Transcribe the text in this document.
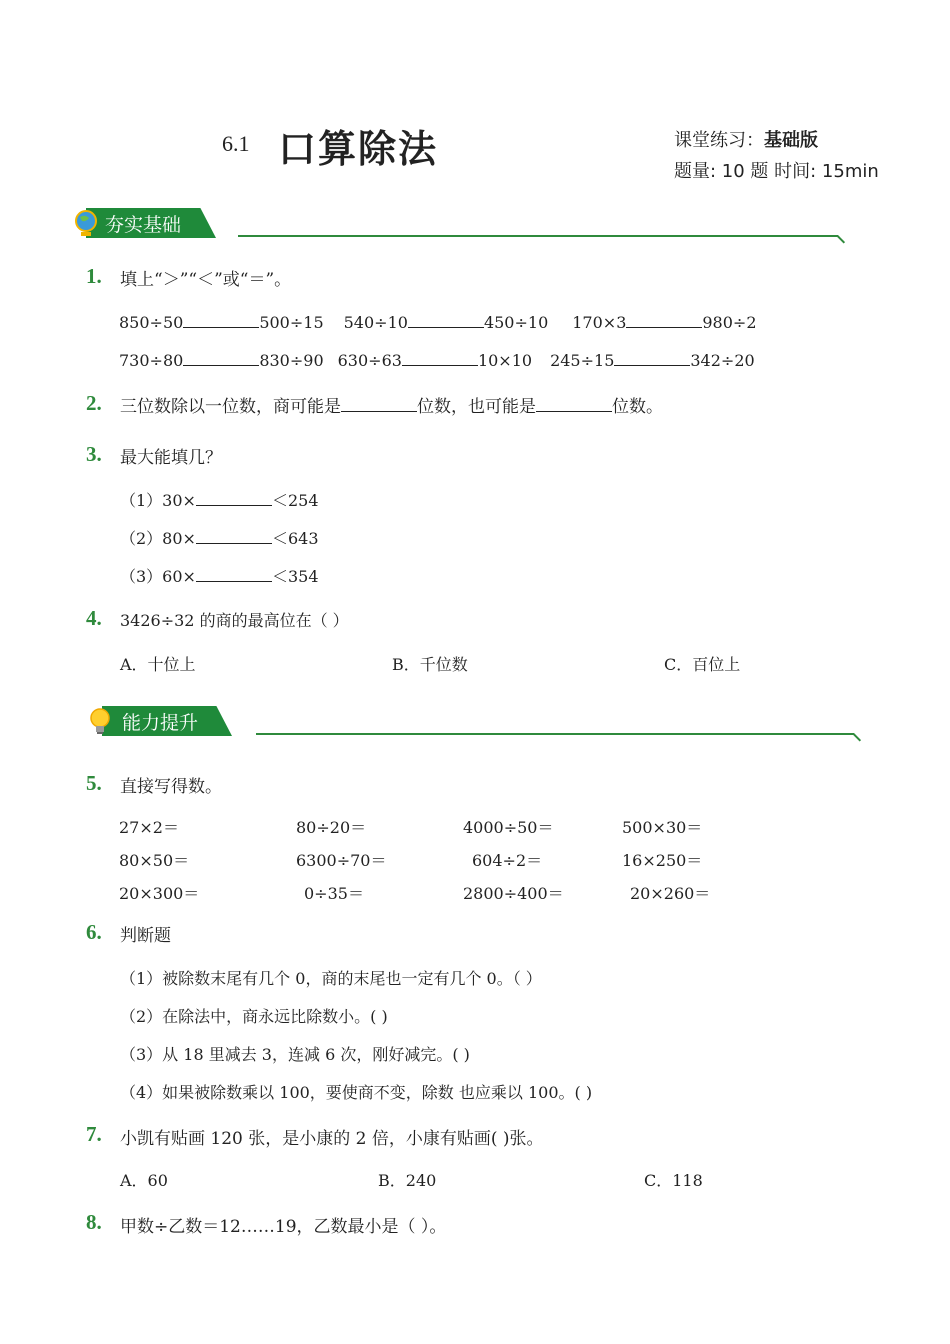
6.1 口算除法	课堂练习：基础版
题量: 10 题 时间: 15min
夯实基础
1. 填上“＞”“＜”或“＝”。
850÷50	500÷15 540÷10	450÷10 170×3	980÷2
730÷80	830÷90 630÷63	10×10 245÷15	342÷20
2. 三位数除以一位数，商可能是	位数，也可能是	位数。
3. 最大能填几？
（1）30×	＜254
（2）80×	＜643
（3）60×	＜354
4. 3426÷32 的商的最高位在（ ）
A．十位上	B．千位数	C．百位上
能力提升
5. 直接写得数。
27×2＝	80÷20＝	4000÷50＝	500×30＝
80×50＝	6300÷70＝	604÷2＝	16×250＝
20×300＝	0÷35＝	2800÷400＝	20×260＝
6. 判断题
（1）被除数末尾有几个 0，商的末尾也一定有几个 0。（ ）
（2）在除法中，商永远比除数小。( )
（3）从 18 里减去 3，连减 6 次，刚好减完。( )
（4）如果被除数乘以 100，要使商不变，除数 也应乘以 100。( )
7. 小凯有贴画 120 张，是小康的 2 倍，小康有贴画( )张。
A．60	B．240	C．118
8. 甲数÷乙数＝12……19，乙数最小是（ ）。
